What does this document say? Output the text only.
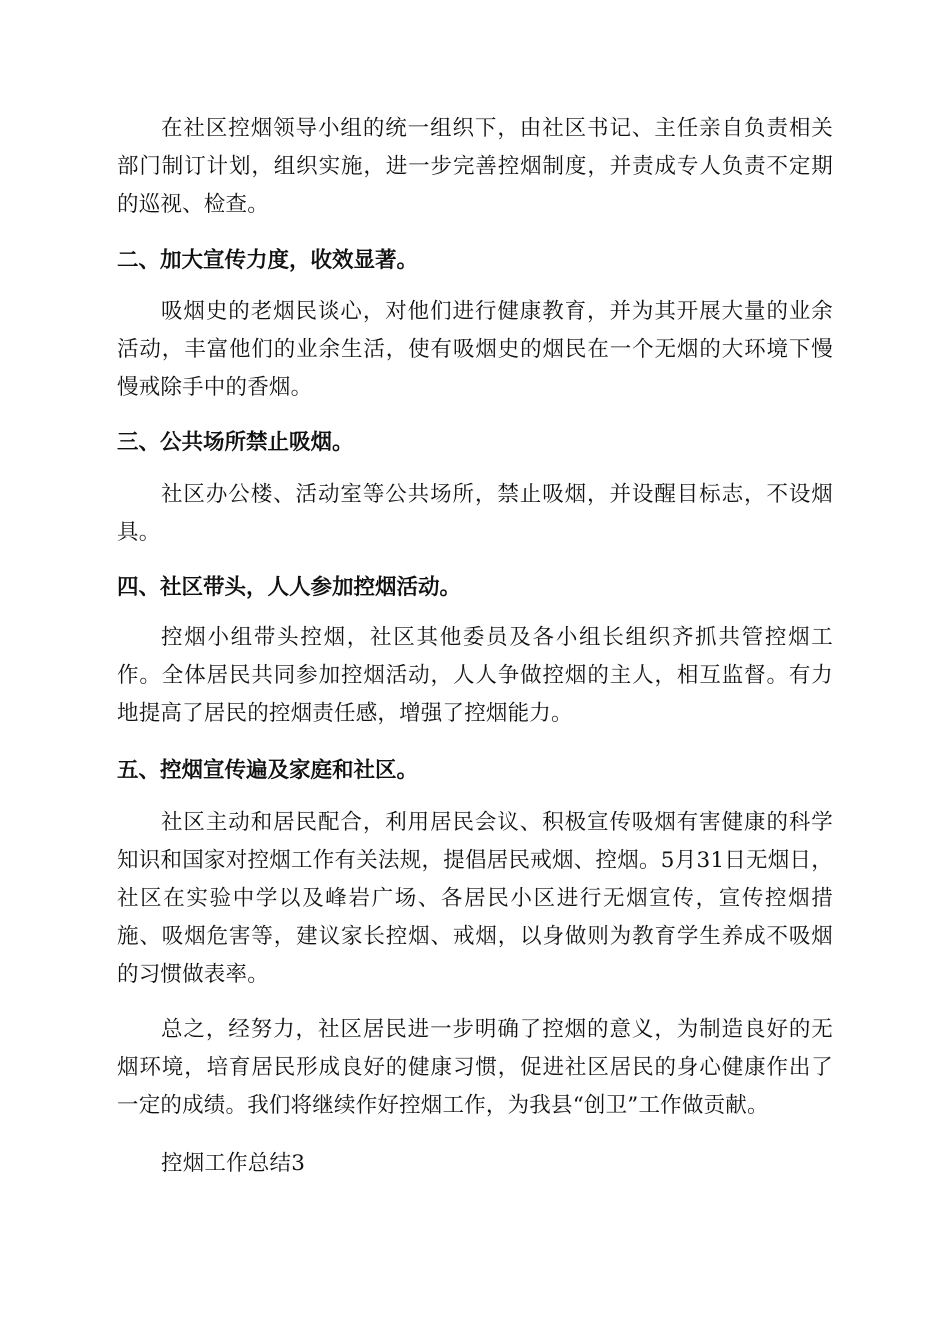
在社区控烟领导小组的统一组织下，由社区书记、主任亲自负责相关部门制订计划，组织实施，进一步完善控烟制度，并责成专人负责不定期的巡视、检查。

二、加大宣传力度，收效显著。

吸烟史的老烟民谈心，对他们进行健康教育，并为其开展大量的业余活动，丰富他们的业余生活，使有吸烟史的烟民在一个无烟的大环境下慢慢戒除手中的香烟。

三、公共场所禁止吸烟。

社区办公楼、活动室等公共场所，禁止吸烟，并设醒目标志，不设烟具。

四、社区带头，人人参加控烟活动。

控烟小组带头控烟，社区其他委员及各小组长组织齐抓共管控烟工作。全体居民共同参加控烟活动，人人争做控烟的主人，相互监督。有力地提高了居民的控烟责任感，增强了控烟能力。

五、控烟宣传遍及家庭和社区。

社区主动和居民配合，利用居民会议、积极宣传吸烟有害健康的科学知识和国家对控烟工作有关法规，提倡居民戒烟、控烟。5月31日无烟日，社区在实验中学以及峰岩广场、各居民小区进行无烟宣传，宣传控烟措施、吸烟危害等，建议家长控烟、戒烟，以身做则为教育学生养成不吸烟的习惯做表率。

总之，经努力，社区居民进一步明确了控烟的意义，为制造良好的无烟环境，培育居民形成良好的健康习惯，促进社区居民的身心健康作出了一定的成绩。我们将继续作好控烟工作，为我县“创卫”工作做贡献。

控烟工作总结3
